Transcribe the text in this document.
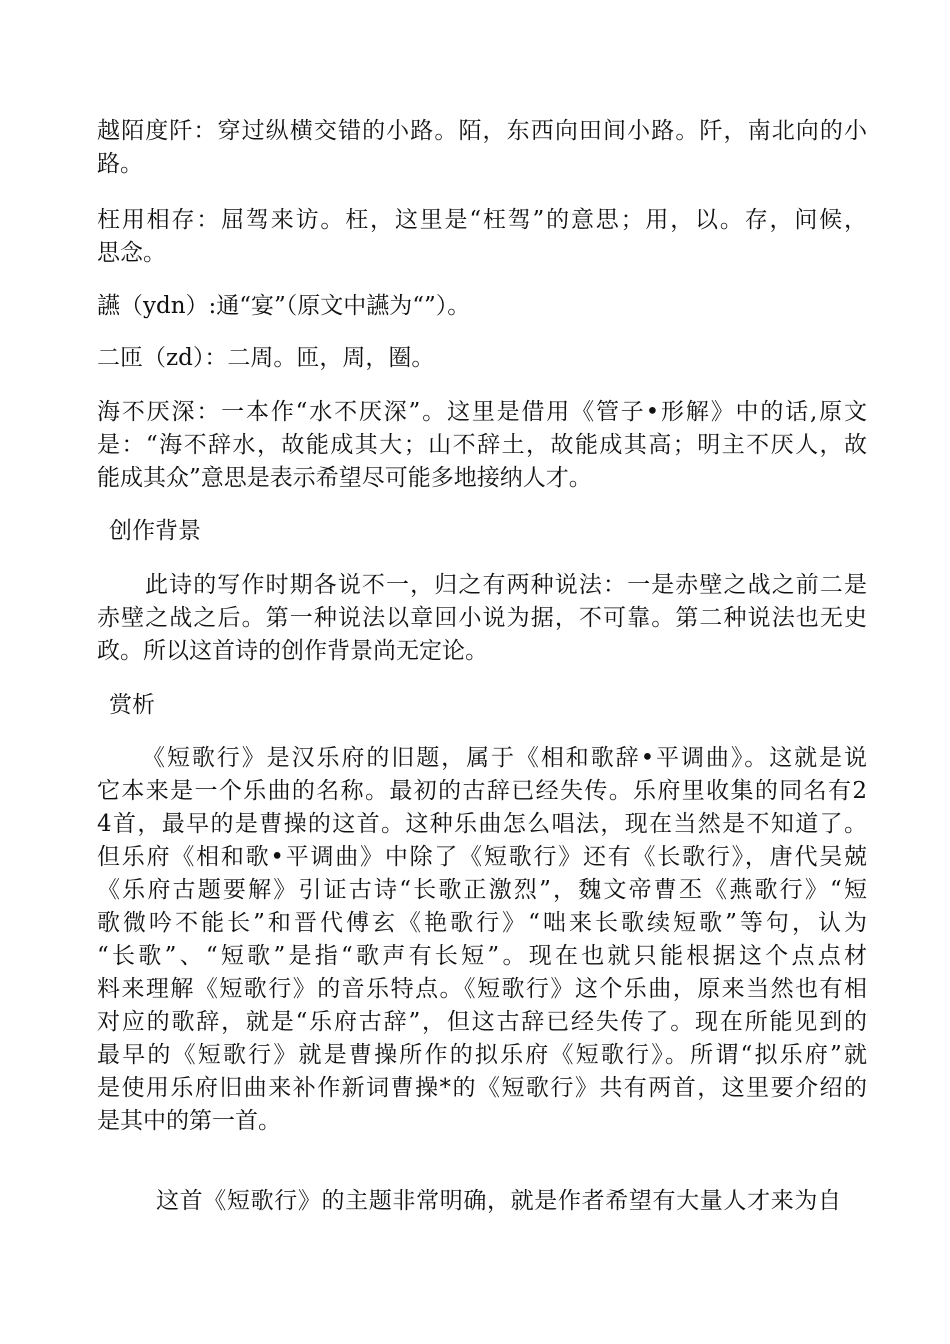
越陌度阡：穿过纵横交错的小路。陌，东西向田间小路。阡，南北向的小
路。
枉用相存：屈驾来访。枉，这里是“枉驾”的意思；用，以。存，问候，
思念。
讌（ydn）:通“宴”（原文中讌为“”）。
二匝（zd）：二周。匝，周，圈。
海不厌深：一本作“水不厌深”。这里是借用《管子•形解》中的话,原文
是：“海不辞水，故能成其大；山不辞土，故能成其高；明主不厌人，故
能成其众”意思是表示希望尽可能多地接纳人才。
创作背景
此诗的写作时期各说不一，归之有两种说法：一是赤壁之战之前二是
赤壁之战之后。第一种说法以章回小说为据，不可靠。第二种说法也无史
政。所以这首诗的创作背景尚无定论。
赏析
《短歌行》是汉乐府的旧题，属于《相和歌辞•平调曲》。这就是说
它本来是一个乐曲的名称。最初的古辞已经失传。乐府里收集的同名有2
4首，最早的是曹操的这首。这种乐曲怎么唱法，现在当然是不知道了。
但乐府《相和歌•平调曲》中除了《短歌行》还有《长歌行》，唐代吴兢
《乐府古题要解》引证古诗“长歌正激烈”，魏文帝曹丕《燕歌行》“短
歌微吟不能长”和晋代傅玄《艳歌行》“咄来长歌续短歌”等句，认为
“长歌”、“短歌”是指“歌声有长短”。现在也就只能根据这个点点材
料来理解《短歌行》的音乐特点。《短歌行》这个乐曲，原来当然也有相
对应的歌辞，就是“乐府古辞”，但这古辞已经失传了。现在所能见到的
最早的《短歌行》就是曹操所作的拟乐府《短歌行》。所谓“拟乐府”就
是使用乐府旧曲来补作新词曹操*的《短歌行》共有两首，这里要介绍的
是其中的第一首。
这首《短歌行》的主题非常明确，就是作者希望有大量人才来为自
